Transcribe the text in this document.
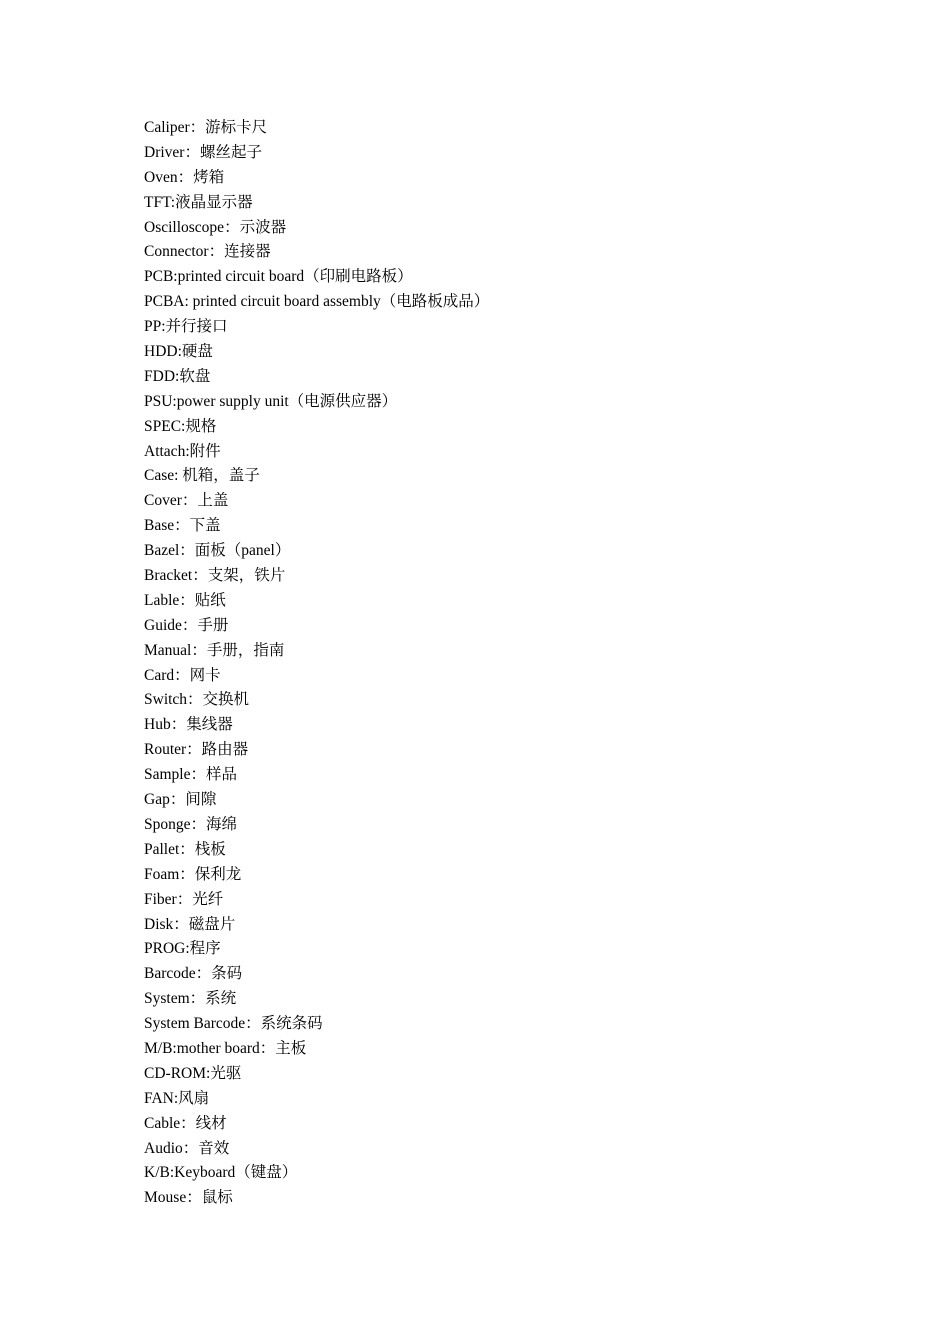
Caliper：游标卡尺
Driver：螺丝起子
Oven：烤箱
TFT:液晶显示器
Oscilloscope：示波器
Connector：连接器
PCB:printed circuit board（印刷电路板）
PCBA: printed circuit board assembly（电路板成品）
PP:并行接口
HDD:硬盘
FDD:软盘
PSU:power supply unit（电源供应器）
SPEC:规格
Attach:附件
Case: 机箱，盖子
Cover：上盖
Base：下盖
Bazel：面板（panel）
Bracket：支架，铁片
Lable：贴纸
Guide：手册
Manual：手册，指南
Card：网卡
Switch：交换机
Hub：集线器
Router：路由器
Sample：样品
Gap：间隙
Sponge：海绵
Pallet：栈板
Foam：保利龙
Fiber：光纤
Disk：磁盘片
PROG:程序
Barcode：条码
System：系统
System Barcode：系统条码
M/B:mother board：主板
CD-ROM:光驱
FAN:风扇
Cable：线材
Audio：音效
K/B:Keyboard（键盘）
Mouse：鼠标
